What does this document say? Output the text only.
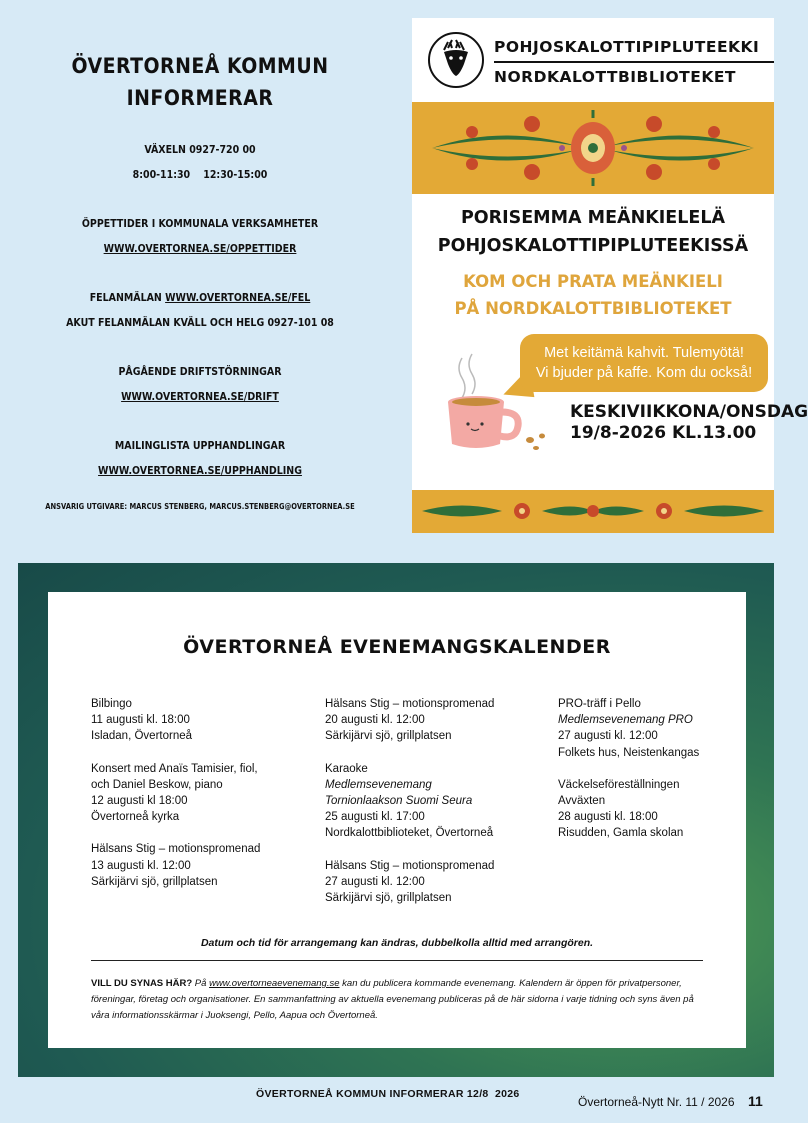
ÖVERTORNEÅ KOMMUN
INFORMERAR
VÄXELN 0927-720 00
8:00-11:30    12:30-15:00
ÖPPETTIDER I KOMMUNALA VERKSAMHETER
WWW.OVERTORNEA.SE/OPPETTIDER
FELANMÄLAN WWW.OVERTORNEA.SE/FEL
AKUT FELANMÄLAN KVÄLL OCH HELG 0927-101 08
PÅGÅENDE DRIFTSTÖRNINGAR
WWW.OVERTORNEA.SE/DRIFT
MAILINGLISTA UPPHANDLINGAR
WWW.OVERTORNEA.SE/UPPHANDLING
ANSVARIG UTGIVARE: MARCUS STENBERG, MARCUS.STENBERG@OVERTORNEA.SE
POHJOSKALOTTIPIPLUTEEKKI
NORDKALOTTBIBLIOTEKET
PORISEMMA MEÄNKIELELÄ
POHJOSKALOTTIPIPLUTEEKISSÄ
KOM OCH PRATA MEÄNKIELI
PÅ NORDKALOTTBIBLIOTEKET
Met keitämä kahvit. Tulemyötä!
Vi bjuder på kaffe. Kom du också!
KESKIVIIKKONA/ONSDAG
19/8-2026 KL.13.00
ÖVERTORNEÅ EVENEMANGSKALENDER
Bilbingo
11 augusti kl. 18:00
Isladan, Övertorneå
Konsert med Anaïs Tamisier, fiol,
och Daniel Beskow, piano
12 augusti kl 18:00
Övertorneå kyrka
Hälsans Stig – motionspromenad
13 augusti kl. 12:00
Särkijärvi sjö, grillplatsen
Hälsans Stig – motionspromenad
20 augusti kl. 12:00
Särkijärvi sjö, grillplatsen
Karaoke
Medlemsevenemang
Tornionlaakson Suomi Seura
25 augusti kl. 17:00
Nordkalottbiblioteket, Övertorneå
Hälsans Stig – motionspromenad
27 augusti kl. 12:00
Särkijärvi sjö, grillplatsen
PRO-träff i Pello
Medlemsevenemang PRO
27 augusti kl. 12:00
Folkets hus, Neistenkangas
Väckelseföreställningen
Avväxten
28 augusti kl. 18:00
Risudden, Gamla skolan
Datum och tid för arrangemang kan ändras, dubbelkolla alltid med arrangören.
VILL DU SYNAS HÄR? På www.overtorneaevenemang.se kan du publicera kommande evenemang. Kalendern är öppen för privatpersoner, föreningar, företag och organisationer. En sammanfattning av aktuella evenemang publiceras på de här sidorna i varje tidning och syns även på våra informationsskärmar i Juoksengi, Pello, Aapua och Övertorneå.
ÖVERTORNEÅ KOMMUN INFORMERAR 12/8  2026
Övertorneå-Nytt Nr. 11 / 2026 11
